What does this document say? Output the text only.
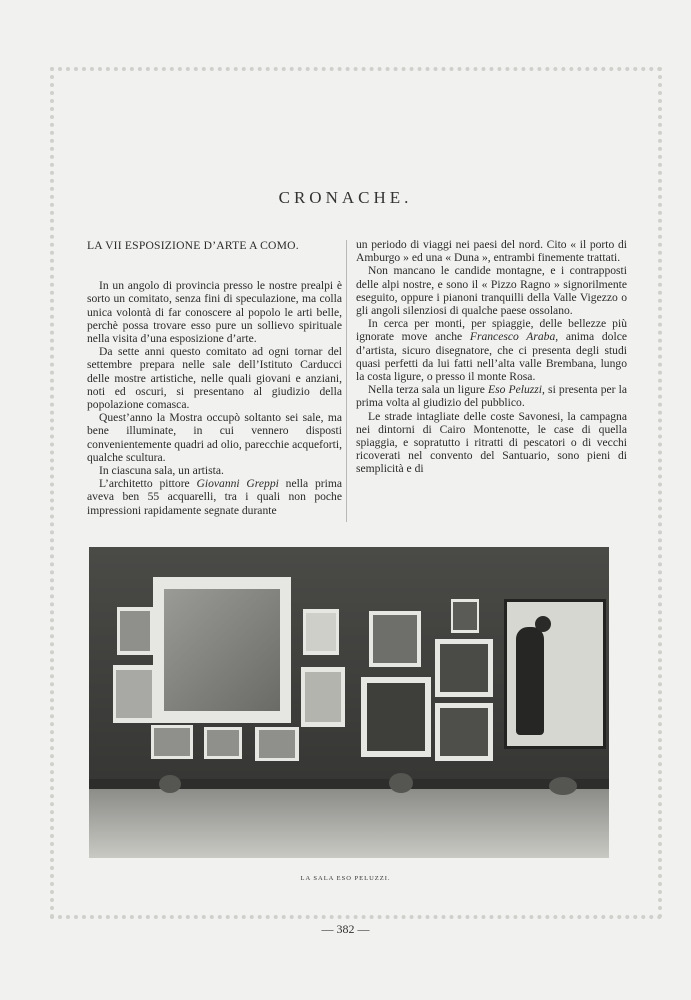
CRONACHE.
LA VII ESPOSIZIONE D’ARTE A COMO.

In un angolo di provincia presso le nostre prealpi è sorto un comitato, senza fini di speculazione, ma colla unica volontà di far conoscere al popolo le arti belle, perchè possa trovare esso pure un sollievo spirituale nella visita d’una esposizione d’arte.

Da sette anni questo comitato ad ogni tornar del settembre prepara nelle sale dell’Istituto Carducci delle mostre artistiche, nelle quali giovani e anziani, noti ed oscuri, si presentano al giudizio della popolazione comasca.

Quest’anno la Mostra occupò soltanto sei sale, ma bene illuminate, in cui vennero disposti convenientemente quadri ad olio, parecchie acqueforti, qualche scultura.

In ciascuna sala, un artista.

L’architetto pittore Giovanni Greppi nella prima aveva ben 55 acquarelli, tra i quali non poche impressioni rapidamente segnate durante

un periodo di viaggi nei paesi del nord. Cito « il porto di Amburgo » ed una « Duna », entrambi finemente trattati.

Non mancano le candide montagne, e i contrapposti delle alpi nostre, e sono il « Pizzo Ragno » signorilmente eseguito, oppure i pianoni tranquilli della Valle Vigezzo o gli angoli silenziosi di qualche paese ossolano.

In cerca per monti, per spiaggie, delle bellezze più ignorate move anche Francesco Araba, anima dolce d’artista, sicuro disegnatore, che ci presenta degli studi quasi perfetti da lui fatti nell’alta valle Brembana, lungo la costa ligure, o presso il monte Rosa.

Nella terza sala un ligure Eso Peluzzi, si presenta per la prima volta al giudizio del pubblico.

Le strade intagliate delle coste Savonesi, la campagna nei dintorni di Cairo Montenotte, le case di quella spiaggia, e sopratutto i ritratti di pescatori o di vecchi ricoverati nel convento del Santuario, sono pieni di semplicità e di

LA SALA ESO PELUZZI.
— 382 —
